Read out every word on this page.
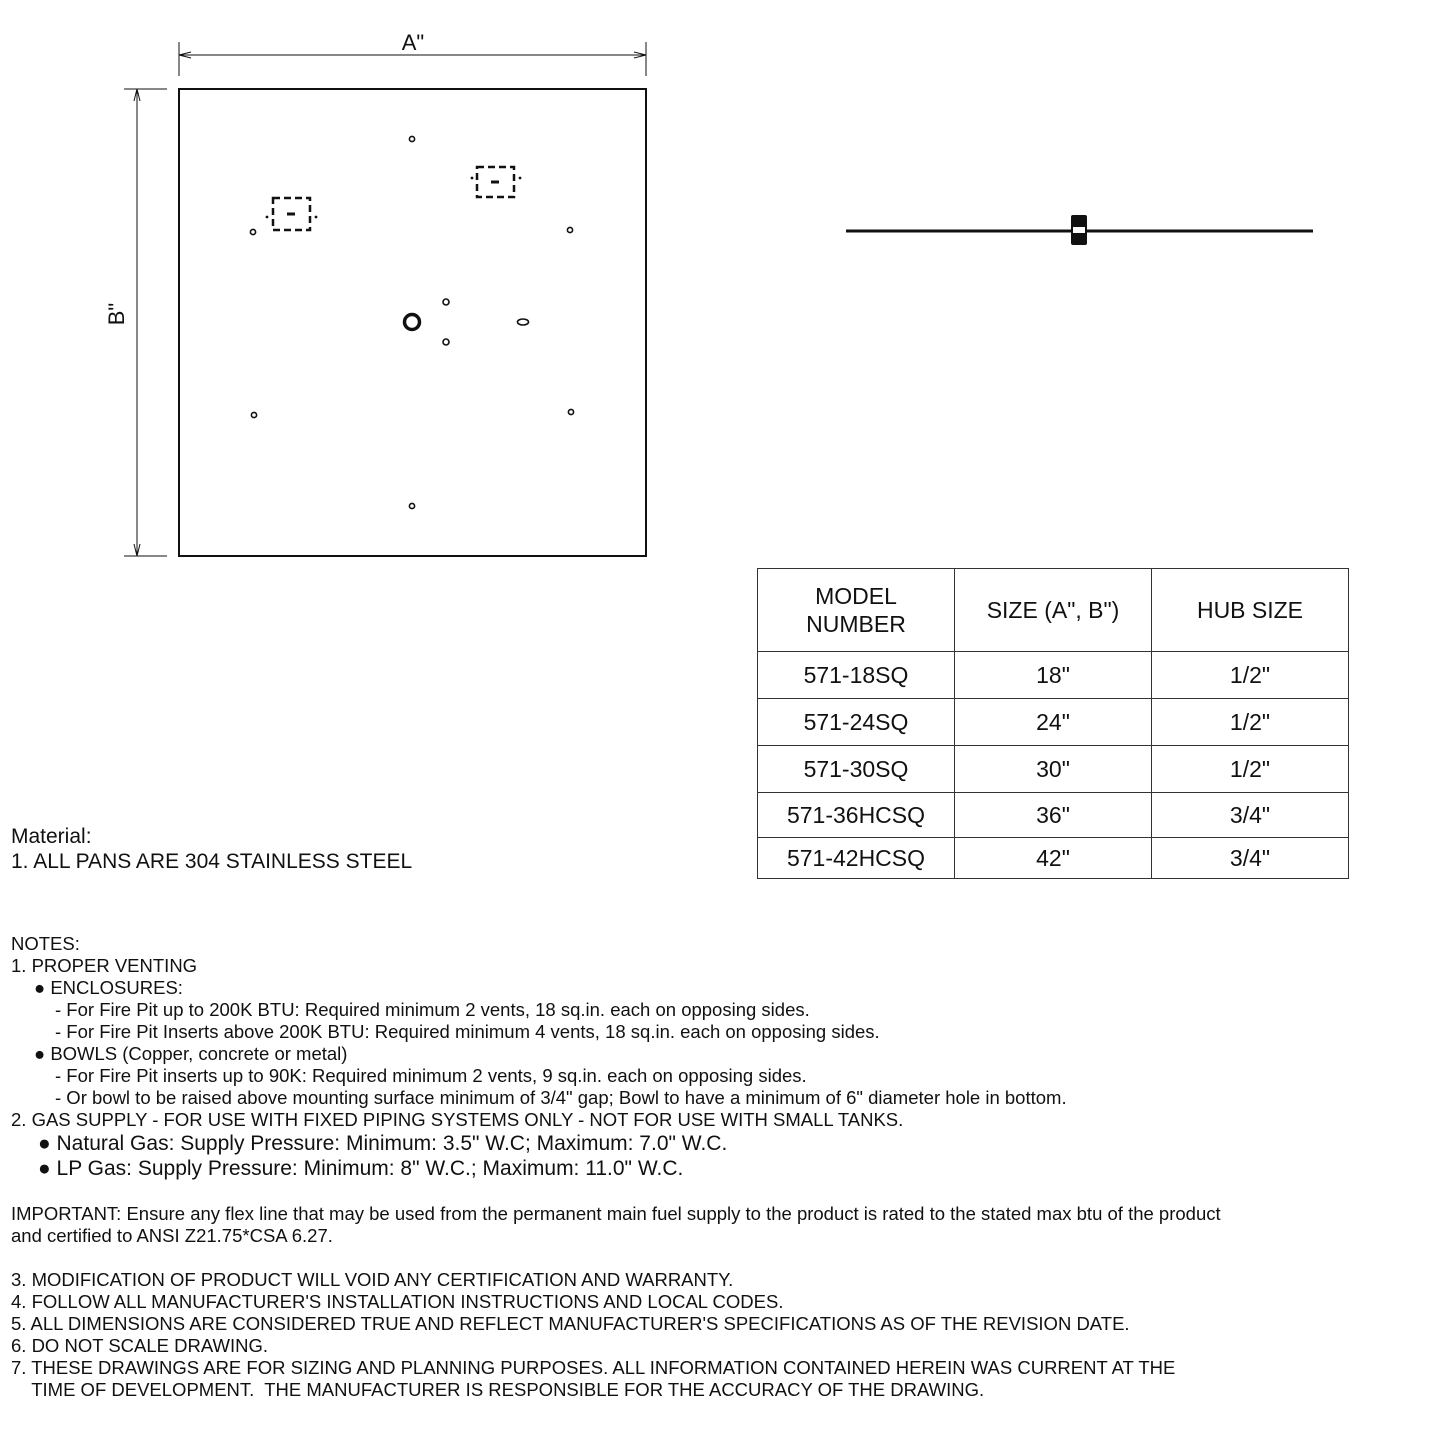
A"
B"
MODEL NUMBER	SIZE (A", B")	HUB SIZE
571-18SQ	18"	1/2"
571-24SQ	24"	1/2"
571-30SQ	30"	1/2"
571-36HCSQ	36"	3/4"
571-42HCSQ	42"	3/4"
Material:
1. ALL PANS ARE 304 STAINLESS STEEL
NOTES:
1. PROPER VENTING
● ENCLOSURES:
- For Fire Pit up to 200K BTU: Required minimum 2 vents, 18 sq.in. each on opposing sides.
- For Fire Pit Inserts above 200K BTU: Required minimum 4 vents, 18 sq.in. each on opposing sides.
● BOWLS (Copper, concrete or metal)
- For Fire Pit inserts up to 90K: Required minimum 2 vents, 9 sq.in. each on opposing sides.
- Or bowl to be raised above mounting surface minimum of 3/4" gap; Bowl to have a minimum of 6" diameter hole in bottom.
2. GAS SUPPLY - FOR USE WITH FIXED PIPING SYSTEMS ONLY - NOT FOR USE WITH SMALL TANKS.
● Natural Gas: Supply Pressure: Minimum: 3.5" W.C; Maximum: 7.0" W.C.
● LP Gas: Supply Pressure: Minimum: 8" W.C.; Maximum: 11.0" W.C.
IMPORTANT: Ensure any flex line that may be used from the permanent main fuel supply to the product is rated to the stated max btu of the product
and certified to ANSI Z21.75*CSA 6.27.
3. MODIFICATION OF PRODUCT WILL VOID ANY CERTIFICATION AND WARRANTY.
4. FOLLOW ALL MANUFACTURER'S INSTALLATION INSTRUCTIONS AND LOCAL CODES.
5. ALL DIMENSIONS ARE CONSIDERED TRUE AND REFLECT MANUFACTURER'S SPECIFICATIONS AS OF THE REVISION DATE.
6. DO NOT SCALE DRAWING.
7. THESE DRAWINGS ARE FOR SIZING AND PLANNING PURPOSES. ALL INFORMATION CONTAINED HEREIN WAS CURRENT AT THE
TIME OF DEVELOPMENT.  THE MANUFACTURER IS RESPONSIBLE FOR THE ACCURACY OF THE DRAWING.
